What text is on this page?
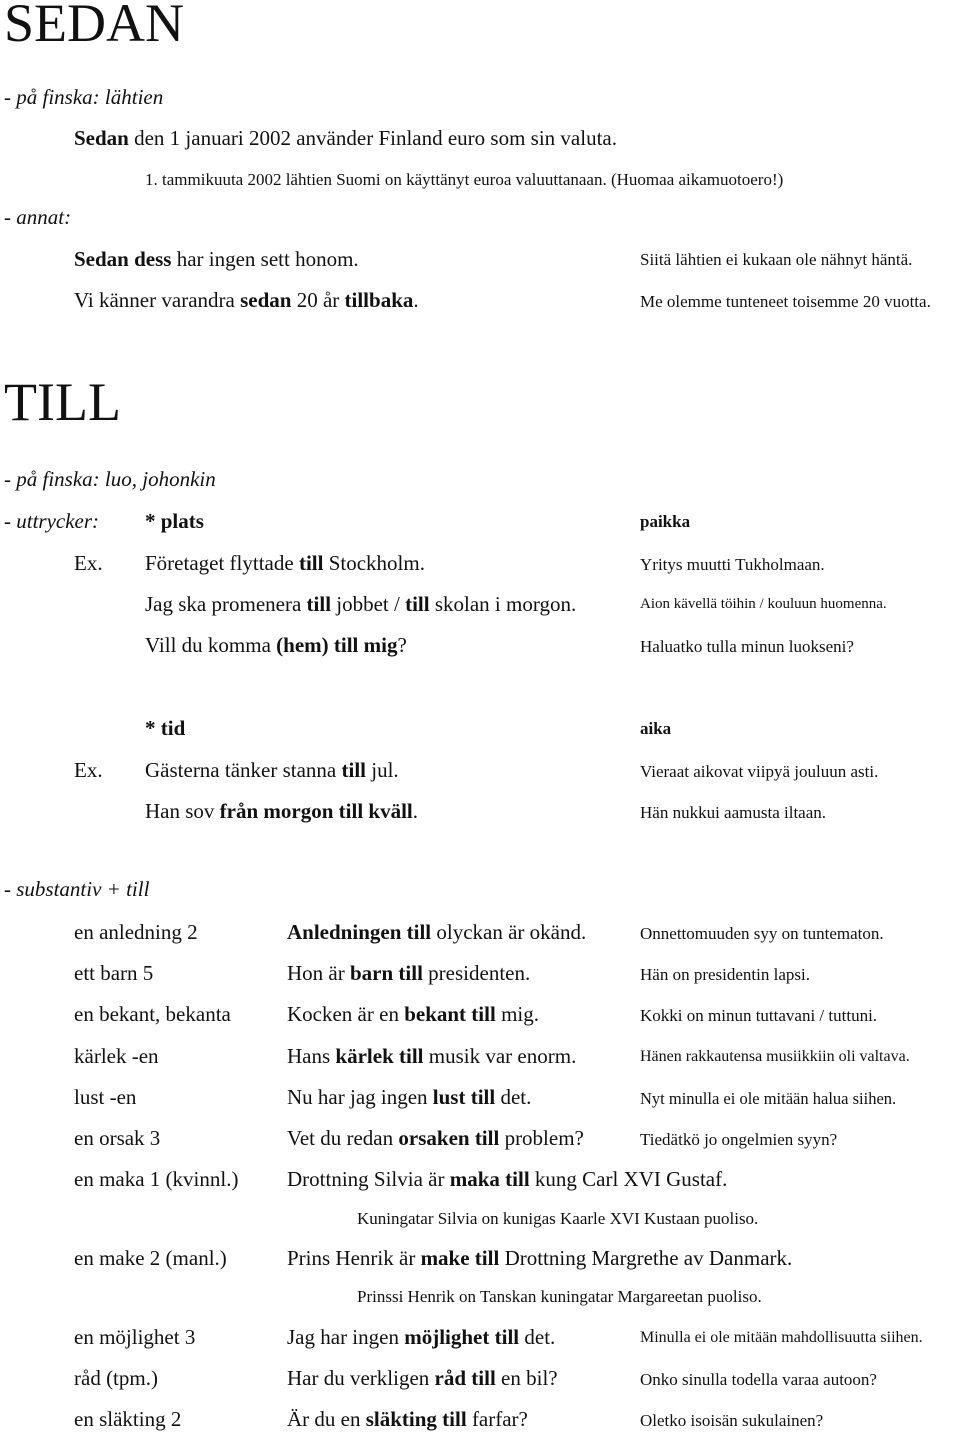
SEDAN
- på finska: lähtien
Sedan den 1 januari 2002 använder Finland euro som sin valuta.
1. tammikuuta 2002 lähtien Suomi on käyttänyt euroa valuuttanaan. (Huomaa aikamuotoero!)
- annat:
Sedan dess har ingen sett honom.	Siitä lähtien ei kukaan ole nähnyt häntä.
Vi känner varandra sedan 20 år tillbaka.	Me olemme tunteneet toisemme 20 vuotta.
TILL
- på finska: luo, johonkin
- uttrycker: * plats	paikka
Ex. Företaget flyttade till Stockholm.	Yritys muutti Tukholmaan.
Jag ska promenera till jobbet / till skolan i morgon.	Aion kävellä töihin / kouluun huomenna.
Vill du komma (hem) till mig?	Haluatko tulla minun luokseni?
* tid	aika
Ex. Gästerna tänker stanna till jul.	Vieraat aikovat viipyä jouluun asti.
Han sov från morgon till kväll.	Hän nukkui aamusta iltaan.
- substantiv + till
en anledning 2	Anledningen till olyckan är okänd.	Onnettomuuden syy on tuntematon.
ett barn 5	Hon är barn till presidenten.	Hän on presidentin lapsi.
en bekant, bekanta	Kocken är en bekant till mig.	Kokki on minun tuttavani / tuttuni.
kärlek -en	Hans kärlek till musik var enorm.	Hänen rakkautensa musiikkiin oli valtava.
lust -en	Nu har jag ingen lust till det.	Nyt minulla ei ole mitään halua siihen.
en orsak 3	Vet du redan orsaken till problem?	Tiedätkö jo ongelmien syyn?
en maka 1 (kvinnl.) Drottning Silvia är maka till kung Carl XVI Gustaf.
Kuningatar Silvia on kunigas Kaarle XVI Kustaan puoliso.
en make 2 (manl.)	Prins Henrik är make till Drottning Margrethe av Danmark.
Prinssi Henrik on Tanskan kuningatar Margareetan puoliso.
en möjlighet 3	Jag har ingen möjlighet till det.	Minulla ei ole mitään mahdollisuutta siihen.
råd (tpm.)	Har du verkligen råd till en bil?	Onko sinulla todella varaa autoon?
en släkting 2	Är du en släkting till farfar?	Oletko isoisän sukulainen?
